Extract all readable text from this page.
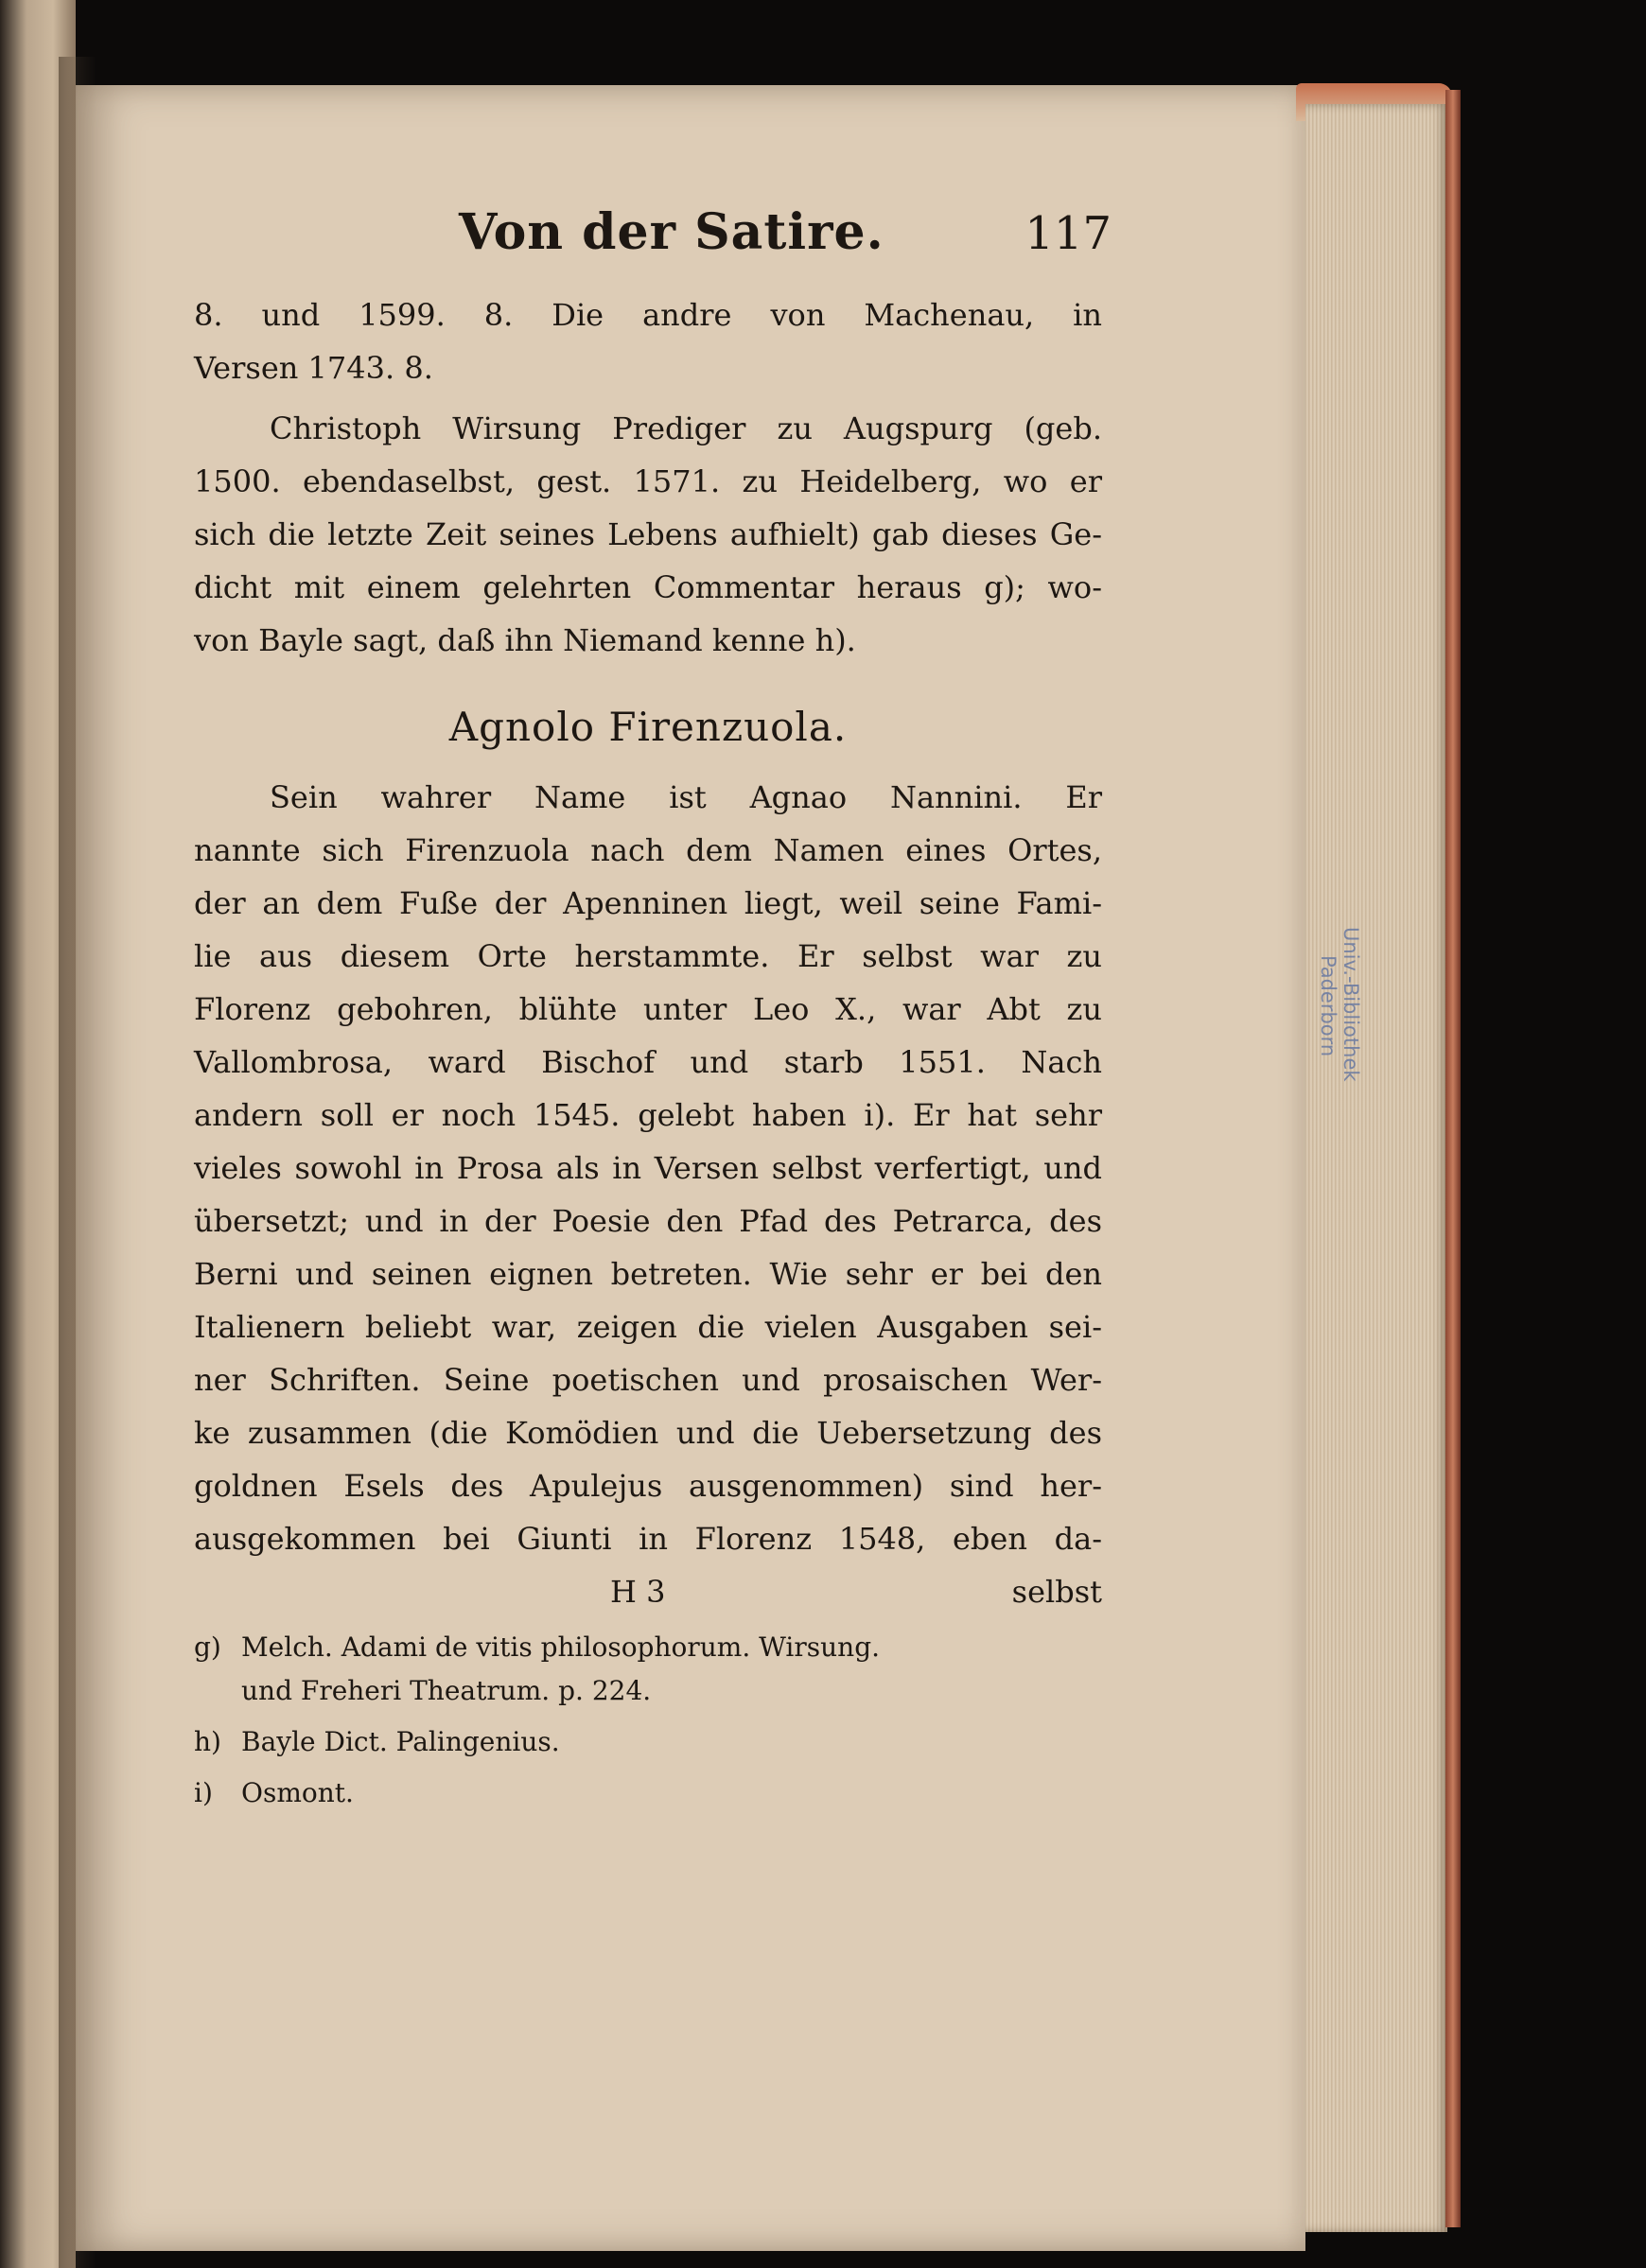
Univ.-Bibliothek
Paderborn
Von der Satire.	117
8. und 1599. 8. Die andre von Machenau, in
Versen 1743. 8.
Christoph Wirsung Prediger zu Augspurg (geb.
1500. ebendaselbst, gest. 1571. zu Heidelberg, wo er
sich die letzte Zeit seines Lebens aufhielt) gab dieses Ge-
dicht mit einem gelehrten Commentar heraus g); wo-
von Bayle sagt, daß ihn Niemand kenne h).
Agnolo Firenzuola.
Sein wahrer Name ist Agnao Nannini. Er
nannte sich Firenzuola nach dem Namen eines Ortes,
der an dem Fuße der Apenninen liegt, weil seine Fami-
lie aus diesem Orte herstammte. Er selbst war zu
Florenz gebohren, blühte unter Leo X., war Abt zu
Vallombrosa, ward Bischof und starb 1551. Nach
andern soll er noch 1545. gelebt haben i). Er hat sehr
vieles sowohl in Prosa als in Versen selbst verfertigt, und
übersetzt; und in der Poesie den Pfad des Petrarca, des
Berni und seinen eignen betreten. Wie sehr er bei den
Italienern beliebt war, zeigen die vielen Ausgaben sei-
ner Schriften. Seine poetischen und prosaischen Wer-
ke zusammen (die Komödien und die Uebersetzung des
goldnen Esels des Apulejus ausgenommen) sind her-
ausgekommen bei Giunti in Florenz 1548, eben da-
H 3	selbst
g) Melch. Adami de vitis philosophorum. Wirsung.
und Freheri Theatrum. p. 224.
h) Bayle Dict. Palingenius.
i) Osmont.
